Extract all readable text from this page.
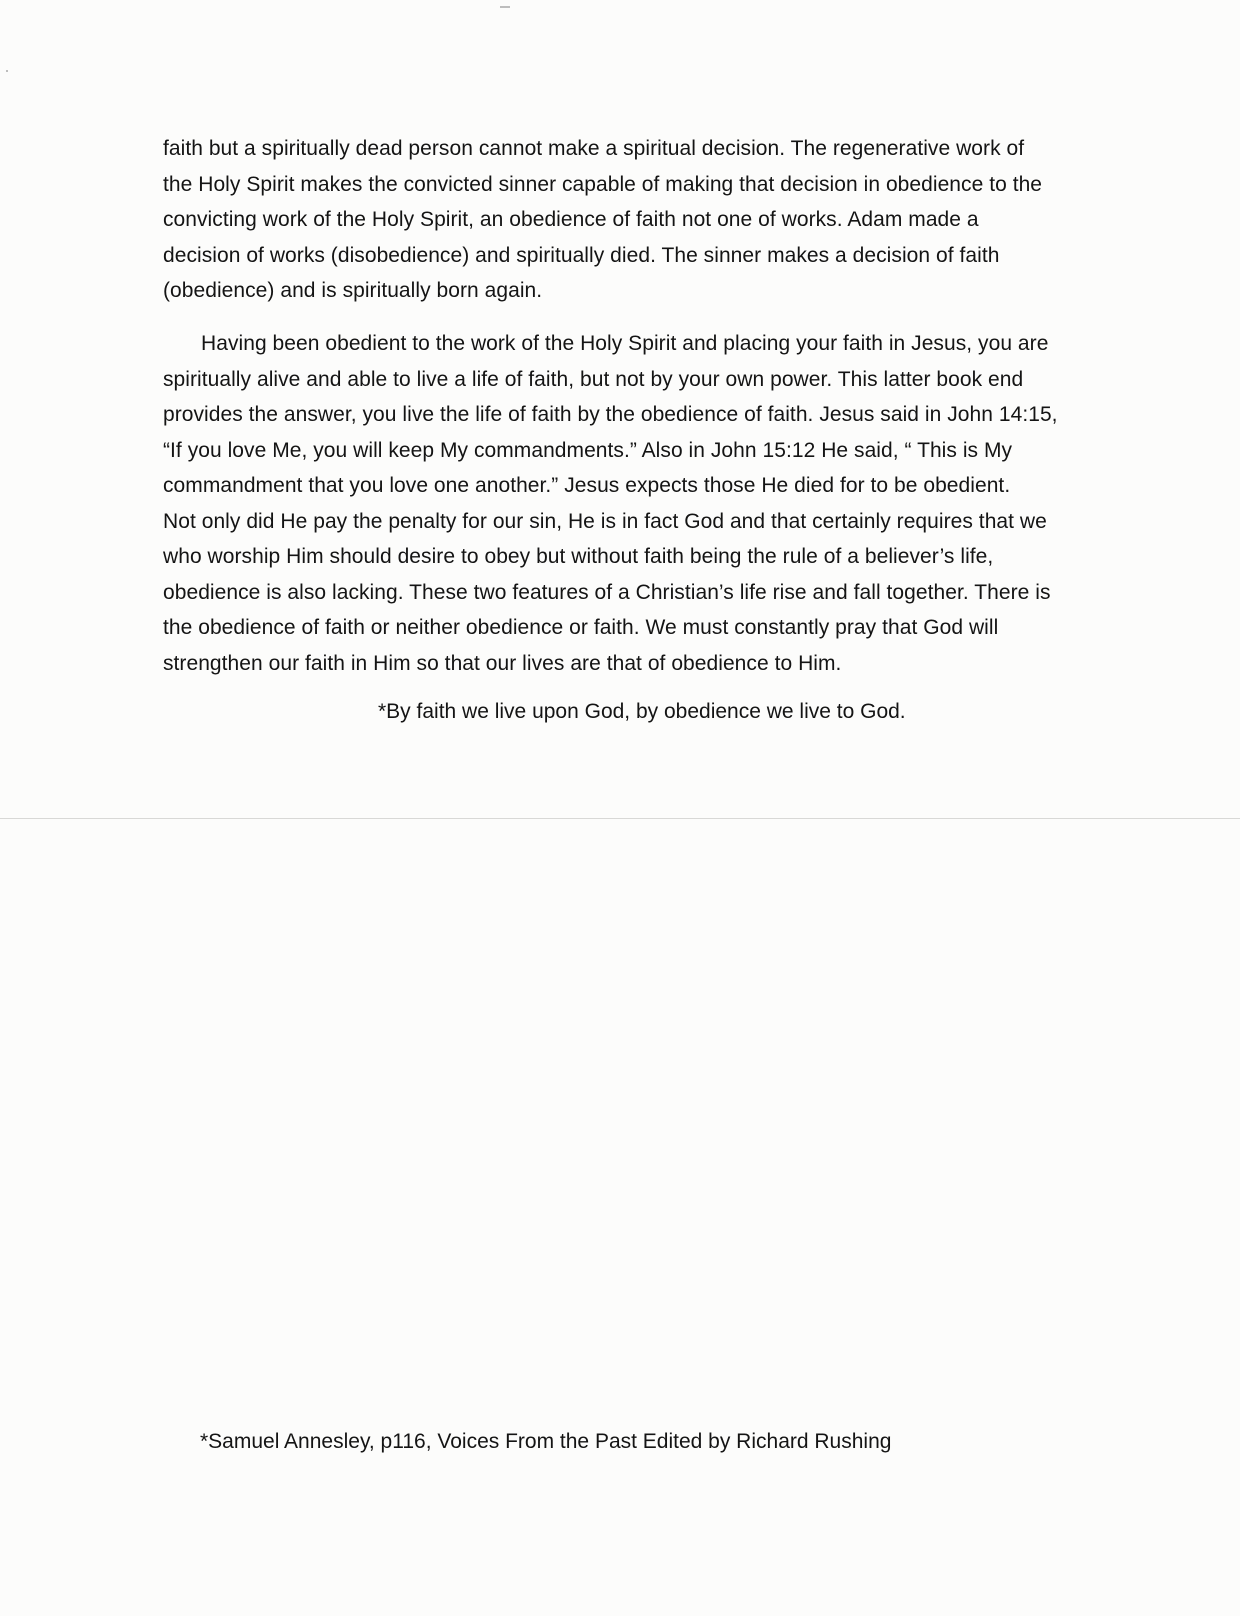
faith but a spiritually dead person cannot make a spiritual decision. The regenerative work of
the Holy Spirit makes the convicted sinner capable of making that decision in obedience to the
convicting work of the Holy Spirit, an obedience of faith not one of works. Adam made a
decision of works (disobedience) and spiritually died. The sinner makes a decision of faith
(obedience) and is spiritually born again.
Having been obedient to the work of the Holy Spirit and placing your faith in Jesus, you are
spiritually alive and able to live a life of faith, but not by your own power. This latter book end
provides the answer, you live the life of faith by the obedience of faith. Jesus said in John 14:15,
“If you love Me, you will keep My commandments.” Also in John 15:12 He said, “ This is My
commandment that you love one another.” Jesus expects those He died for to be obedient.
Not only did He pay the penalty for our sin, He is in fact God and that certainly requires that we
who worship Him should desire to obey but without faith being the rule of a believer’s life,
obedience is also lacking. These two features of a Christian’s life rise and fall together. There is
the obedience of faith or neither obedience or faith. We must constantly pray that God will
strengthen our faith in Him so that our lives are that of obedience to Him.
*By faith we live upon God, by obedience we live to God.
*Samuel Annesley, p116, Voices From the Past Edited by Richard Rushing
